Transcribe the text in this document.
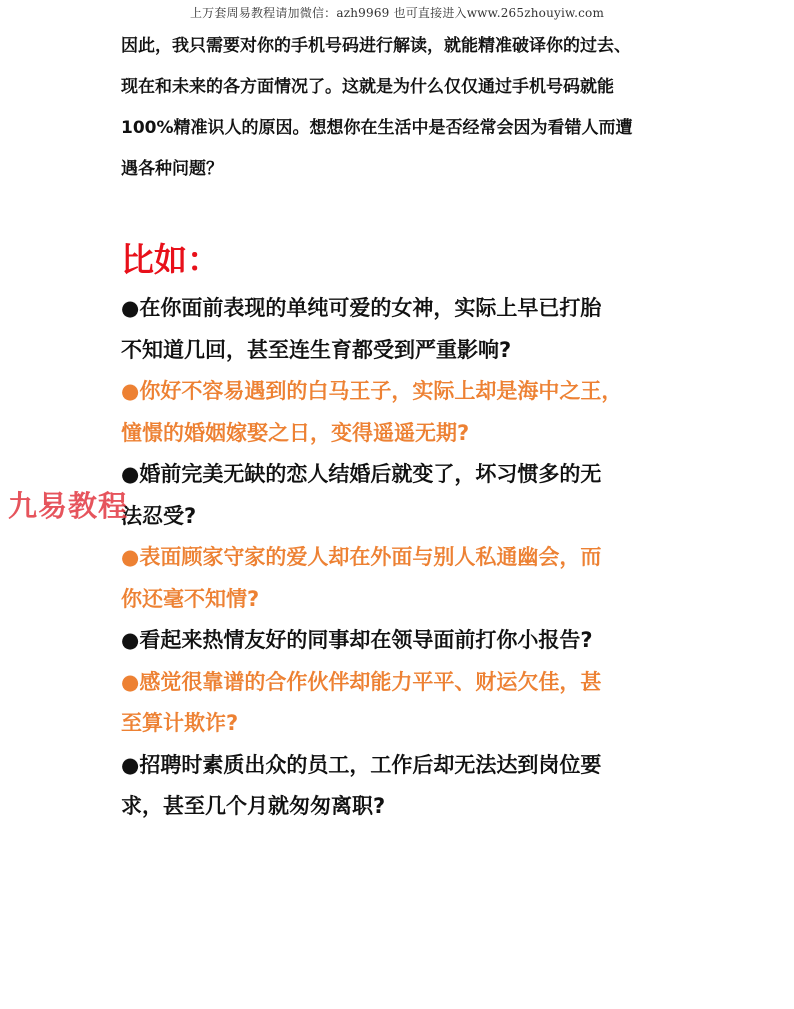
上万套周易教程请加微信：azh9969 也可直接进入www.265zhouyiw.com

因此，我只需要对你的手机号码进行解读，就能精准破译你的过去、
现在和未来的各方面情况了。这就是为什么仅仅通过手机号码就能
100%精准识人的原因。想想你在生活中是否经常会因为看错人而遭
遇各种问题？

比如：
●在你面前表现的单纯可爱的女神，实际上早已打胎
不知道几回，甚至连生育都受到严重影响?
●你好不容易遇到的白马王子，实际上却是海中之王，
憧憬的婚姻嫁娶之日，变得遥遥无期?
●婚前完美无缺的恋人结婚后就变了，坏习惯多的无
法忍受?
●表面顾家守家的爱人却在外面与别人私通幽会，而
你还毫不知情?
●看起来热情友好的同事却在领导面前打你小报告?
●感觉很靠谱的合作伙伴却能力平平、财运欠佳，甚
至算计欺诈?
●招聘时素质出众的员工，工作后却无法达到岗位要
求，甚至几个月就匆匆离职?
九易教程
